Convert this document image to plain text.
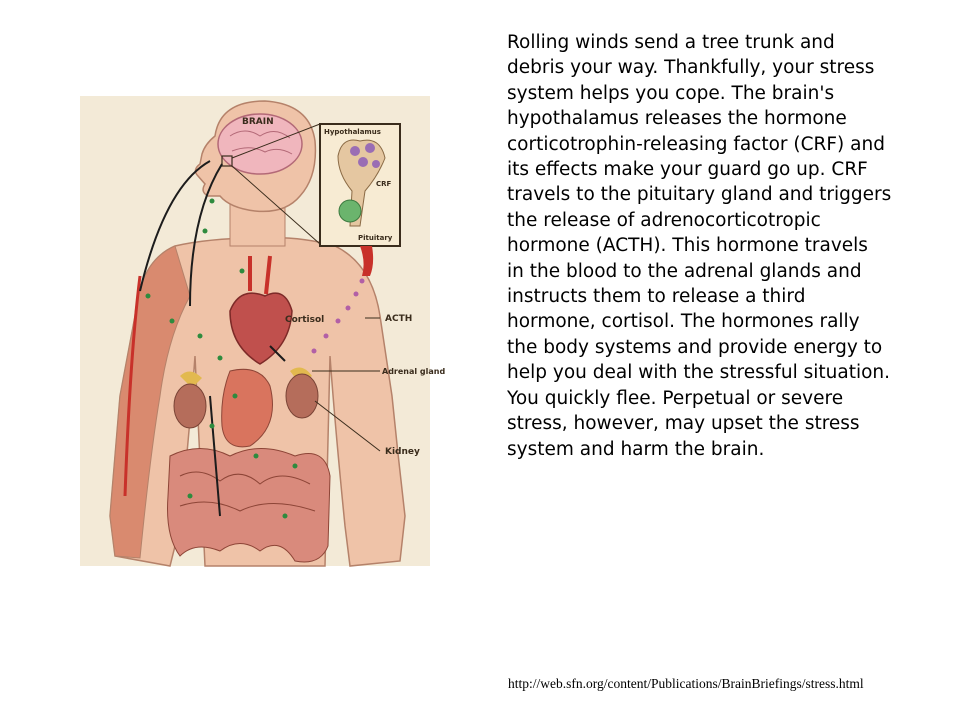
BRAIN
Hypothalamus
CRF
Pituitary
Cortisol	ACTH
Adrenal gland
Kidney

Rolling winds send a tree trunk and
debris your way. Thankfully, your stress
system helps you cope. The brain's
hypothalamus releases the hormone
corticotrophin-releasing factor (CRF) and
its effects make your guard go up. CRF
travels to the pituitary gland and triggers
the release of adrenocorticotropic
hormone (ACTH). This hormone travels
in the blood to the adrenal glands and
instructs them to release a third
hormone, cortisol. The hormones rally
the body systems and provide energy to
help you deal with the stressful situation.
You quickly flee. Perpetual or severe
stress, however, may upset the stress
system and harm the brain.

http://web.sfn.org/content/Publications/BrainBriefings/stress.html
